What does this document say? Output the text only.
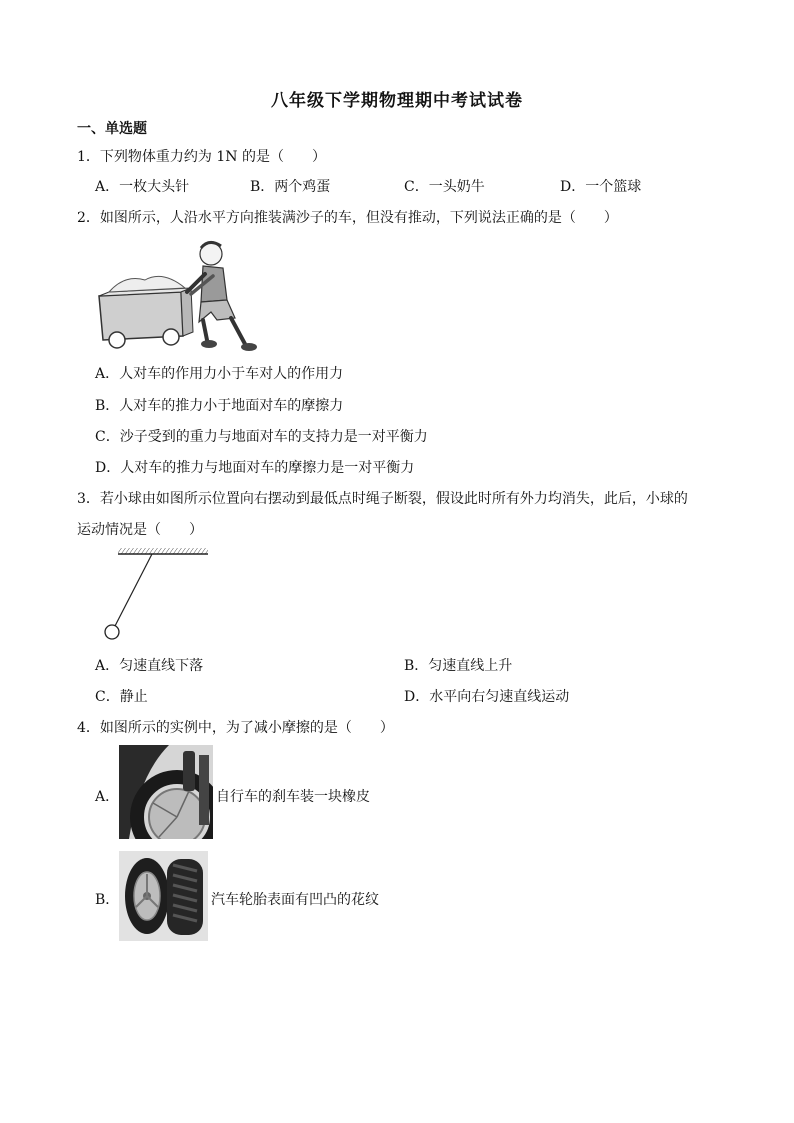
八年级下学期物理期中考试试卷
一、单选题
1．下列物体重力约为 1N 的是（　　）
A．一枚大头针	B．两个鸡蛋	C．一头奶牛	D．一个篮球
2．如图所示，人沿水平方向推装满沙子的车，但没有推动，下列说法正确的是（　　）
A．人对车的作用力小于车对人的作用力
B．人对车的推力小于地面对车的摩擦力
C．沙子受到的重力与地面对车的支持力是一对平衡力
D．人对车的推力与地面对车的摩擦力是一对平衡力
3．若小球由如图所示位置向右摆动到最低点时绳子断裂，假设此时所有外力均消失，此后，小球的
运动情况是（　　）
A．匀速直线下落	B．匀速直线上升
C．静止	D．水平向右匀速直线运动
4．如图所示的实例中，为了减小摩擦的是（　　）
A．	自行车的刹车装一块橡皮
B．	汽车轮胎表面有凹凸的花纹
